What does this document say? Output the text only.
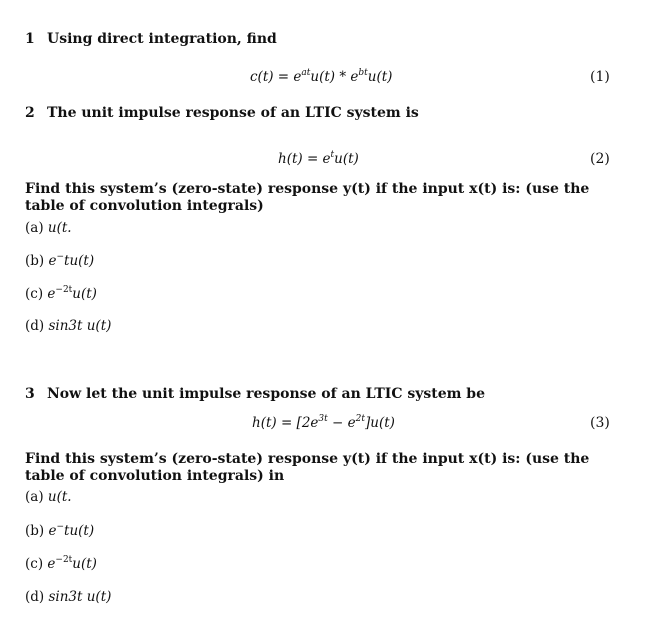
1 Using direct integration, find
$c(t) = e^{at}u(t) * e^{bt}u(t)$	(1)
2 The unit impulse response of an LTIC system is
$h(t) = e^tu(t)$	(2)
Find this system’s (zero-state) response y(t) if the input x(t) is: (use the table of convolution integrals)
(a) u(t.
(b) e−tu(t)
(c) $e^{-2t}u(t)$
(d) sin3t u(t)
3 Now let the unit impulse response of an LTIC system be
$h(t) = [2e^{3t} - e^{2t}]u(t)$	(3)
Find this system’s (zero-state) response y(t) if the input x(t) is: (use the table of convolution integrals) in
(a) u(t.
(b) e−tu(t)
(c) $e^{-2t}u(t)$
(d) sin3t u(t)
